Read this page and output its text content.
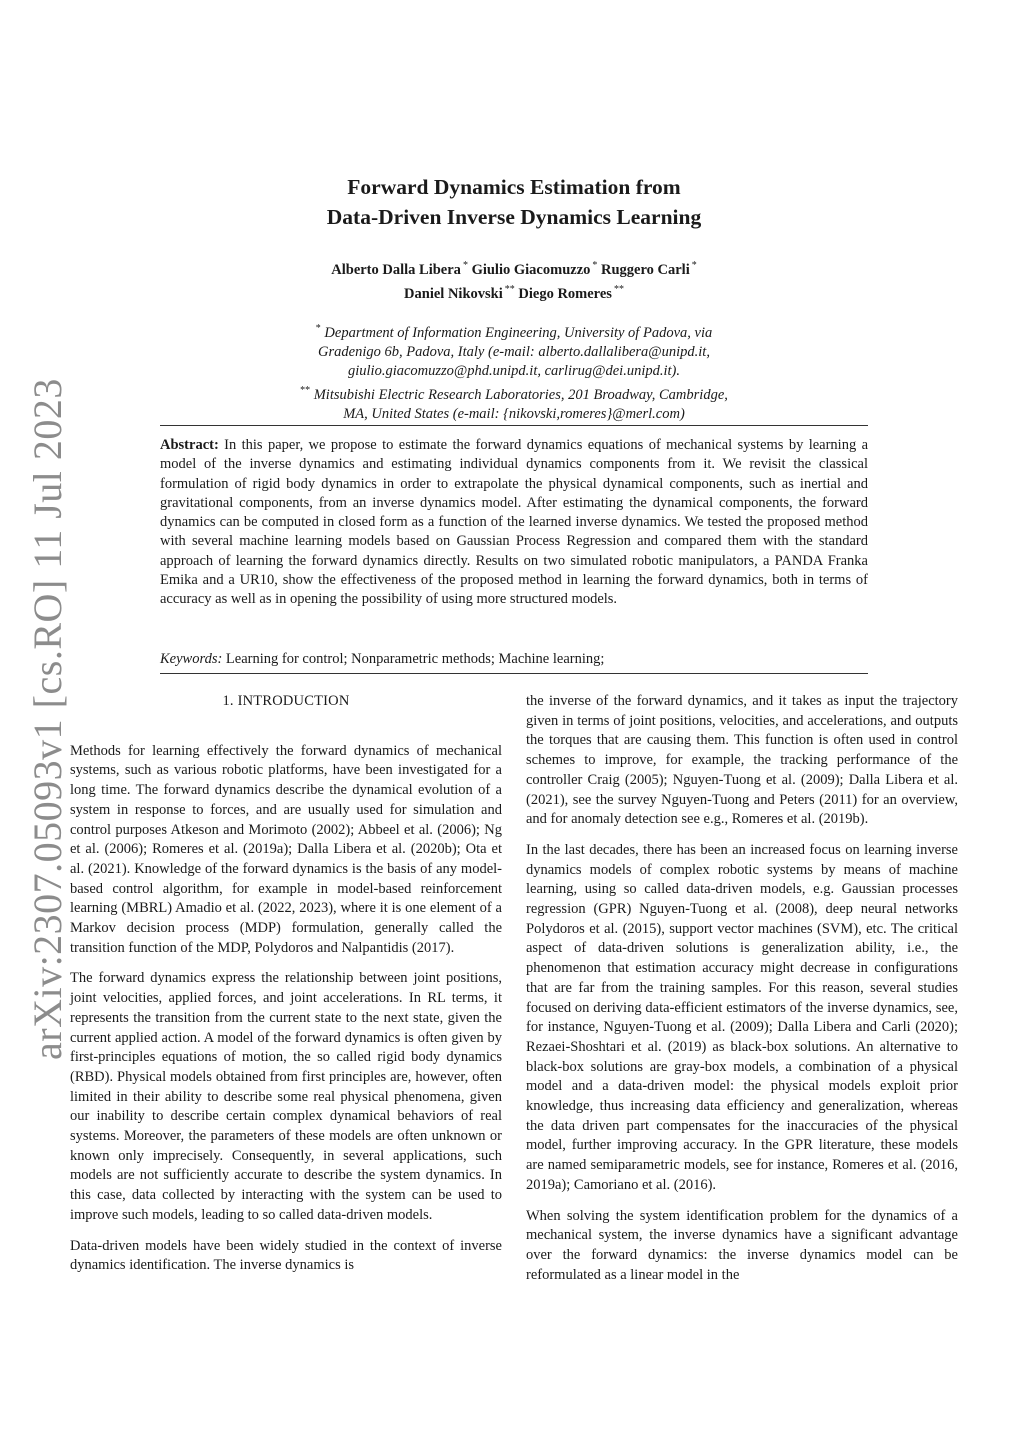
arXiv:2307.05093v1 [cs.RO] 11 Jul 2023
Forward Dynamics Estimation from
Data-Driven Inverse Dynamics Learning
Alberto Dalla Libera * Giulio Giacomuzzo * Ruggero Carli *
Daniel Nikovski ** Diego Romeres **
* Department of Information Engineering, University of Padova, via
Gradenigo 6b, Padova, Italy (e-mail: alberto.dallalibera@unipd.it,
giulio.giacomuzzo@phd.unipd.it, carlirug@dei.unipd.it).
** Mitsubishi Electric Research Laboratories, 201 Broadway, Cambridge,
MA, United States (e-mail: {nikovski,romeres}@merl.com)
Abstract: In this paper, we propose to estimate the forward dynamics equations of mechanical systems by learning a model of the inverse dynamics and estimating individual dynamics components from it. We revisit the classical formulation of rigid body dynamics in order to extrapolate the physical dynamical components, such as inertial and gravitational components, from an inverse dynamics model. After estimating the dynamical components, the forward dynamics can be computed in closed form as a function of the learned inverse dynamics. We tested the proposed method with several machine learning models based on Gaussian Process Regression and compared them with the standard approach of learning the forward dynamics directly. Results on two simulated robotic manipulators, a PANDA Franka Emika and a UR10, show the effectiveness of the proposed method in learning the forward dynamics, both in terms of accuracy as well as in opening the possibility of using more structured models.
Keywords: Learning for control; Nonparametric methods; Machine learning;
1. INTRODUCTION

Methods for learning effectively the forward dynamics of mechanical systems, such as various robotic platforms, have been investigated for a long time. The forward dynamics describe the dynamical evolution of a system in response to forces, and are usually used for simulation and control purposes Atkeson and Morimoto (2002); Abbeel et al. (2006); Ng et al. (2006); Romeres et al. (2019a); Dalla Libera et al. (2020b); Ota et al. (2021). Knowledge of the forward dynamics is the basis of any model-based control algorithm, for example in model-based reinforcement learning (MBRL) Amadio et al. (2022, 2023), where it is one element of a Markov decision process (MDP) formulation, generally called the transition function of the MDP, Polydoros and Nalpantidis (2017).

The forward dynamics express the relationship between joint positions, joint velocities, applied forces, and joint accelerations. In RL terms, it represents the transition from the current state to the next state, given the current applied action. A model of the forward dynamics is often given by first-principles equations of motion, the so called rigid body dynamics (RBD). Physical models obtained from first principles are, however, often limited in their ability to describe some real physical phenomena, given our inability to describe certain complex dynamical behaviors of real systems. Moreover, the parameters of these models are often unknown or known only imprecisely. Consequently, in several applications, such models are not sufficiently accurate to describe the system dynamics. In this case, data collected by interacting with the system can be used to improve such models, leading to so called data-driven models.

Data-driven models have been widely studied in the context of inverse dynamics identification. The inverse dynamics is

the inverse of the forward dynamics, and it takes as input the trajectory given in terms of joint positions, velocities, and accelerations, and outputs the torques that are causing them. This function is often used in control schemes to improve, for example, the tracking performance of the controller Craig (2005); Nguyen-Tuong et al. (2009); Dalla Libera et al. (2021), see the survey Nguyen-Tuong and Peters (2011) for an overview, and for anomaly detection see e.g., Romeres et al. (2019b).

In the last decades, there has been an increased focus on learning inverse dynamics models of complex robotic systems by means of machine learning, using so called data-driven models, e.g. Gaussian processes regression (GPR) Nguyen-Tuong et al. (2008), deep neural networks Polydoros et al. (2015), support vector machines (SVM), etc. The critical aspect of data-driven solutions is generalization ability, i.e., the phenomenon that estimation accuracy might decrease in configurations that are far from the training samples. For this reason, several studies focused on deriving data-efficient estimators of the inverse dynamics, see, for instance, Nguyen-Tuong et al. (2009); Dalla Libera and Carli (2020); Rezaei-Shoshtari et al. (2019) as black-box solutions. An alternative to black-box solutions are gray-box models, a combination of a physical model and a data-driven model: the physical models exploit prior knowledge, thus increasing data efficiency and generalization, whereas the data driven part compensates for the inaccuracies of the physical model, further improving accuracy. In the GPR literature, these models are named semiparametric models, see for instance, Romeres et al. (2016, 2019a); Camoriano et al. (2016).

When solving the system identification problem for the dynamics of a mechanical system, the inverse dynamics have a significant advantage over the forward dynamics: the inverse dynamics model can be reformulated as a linear model in the
